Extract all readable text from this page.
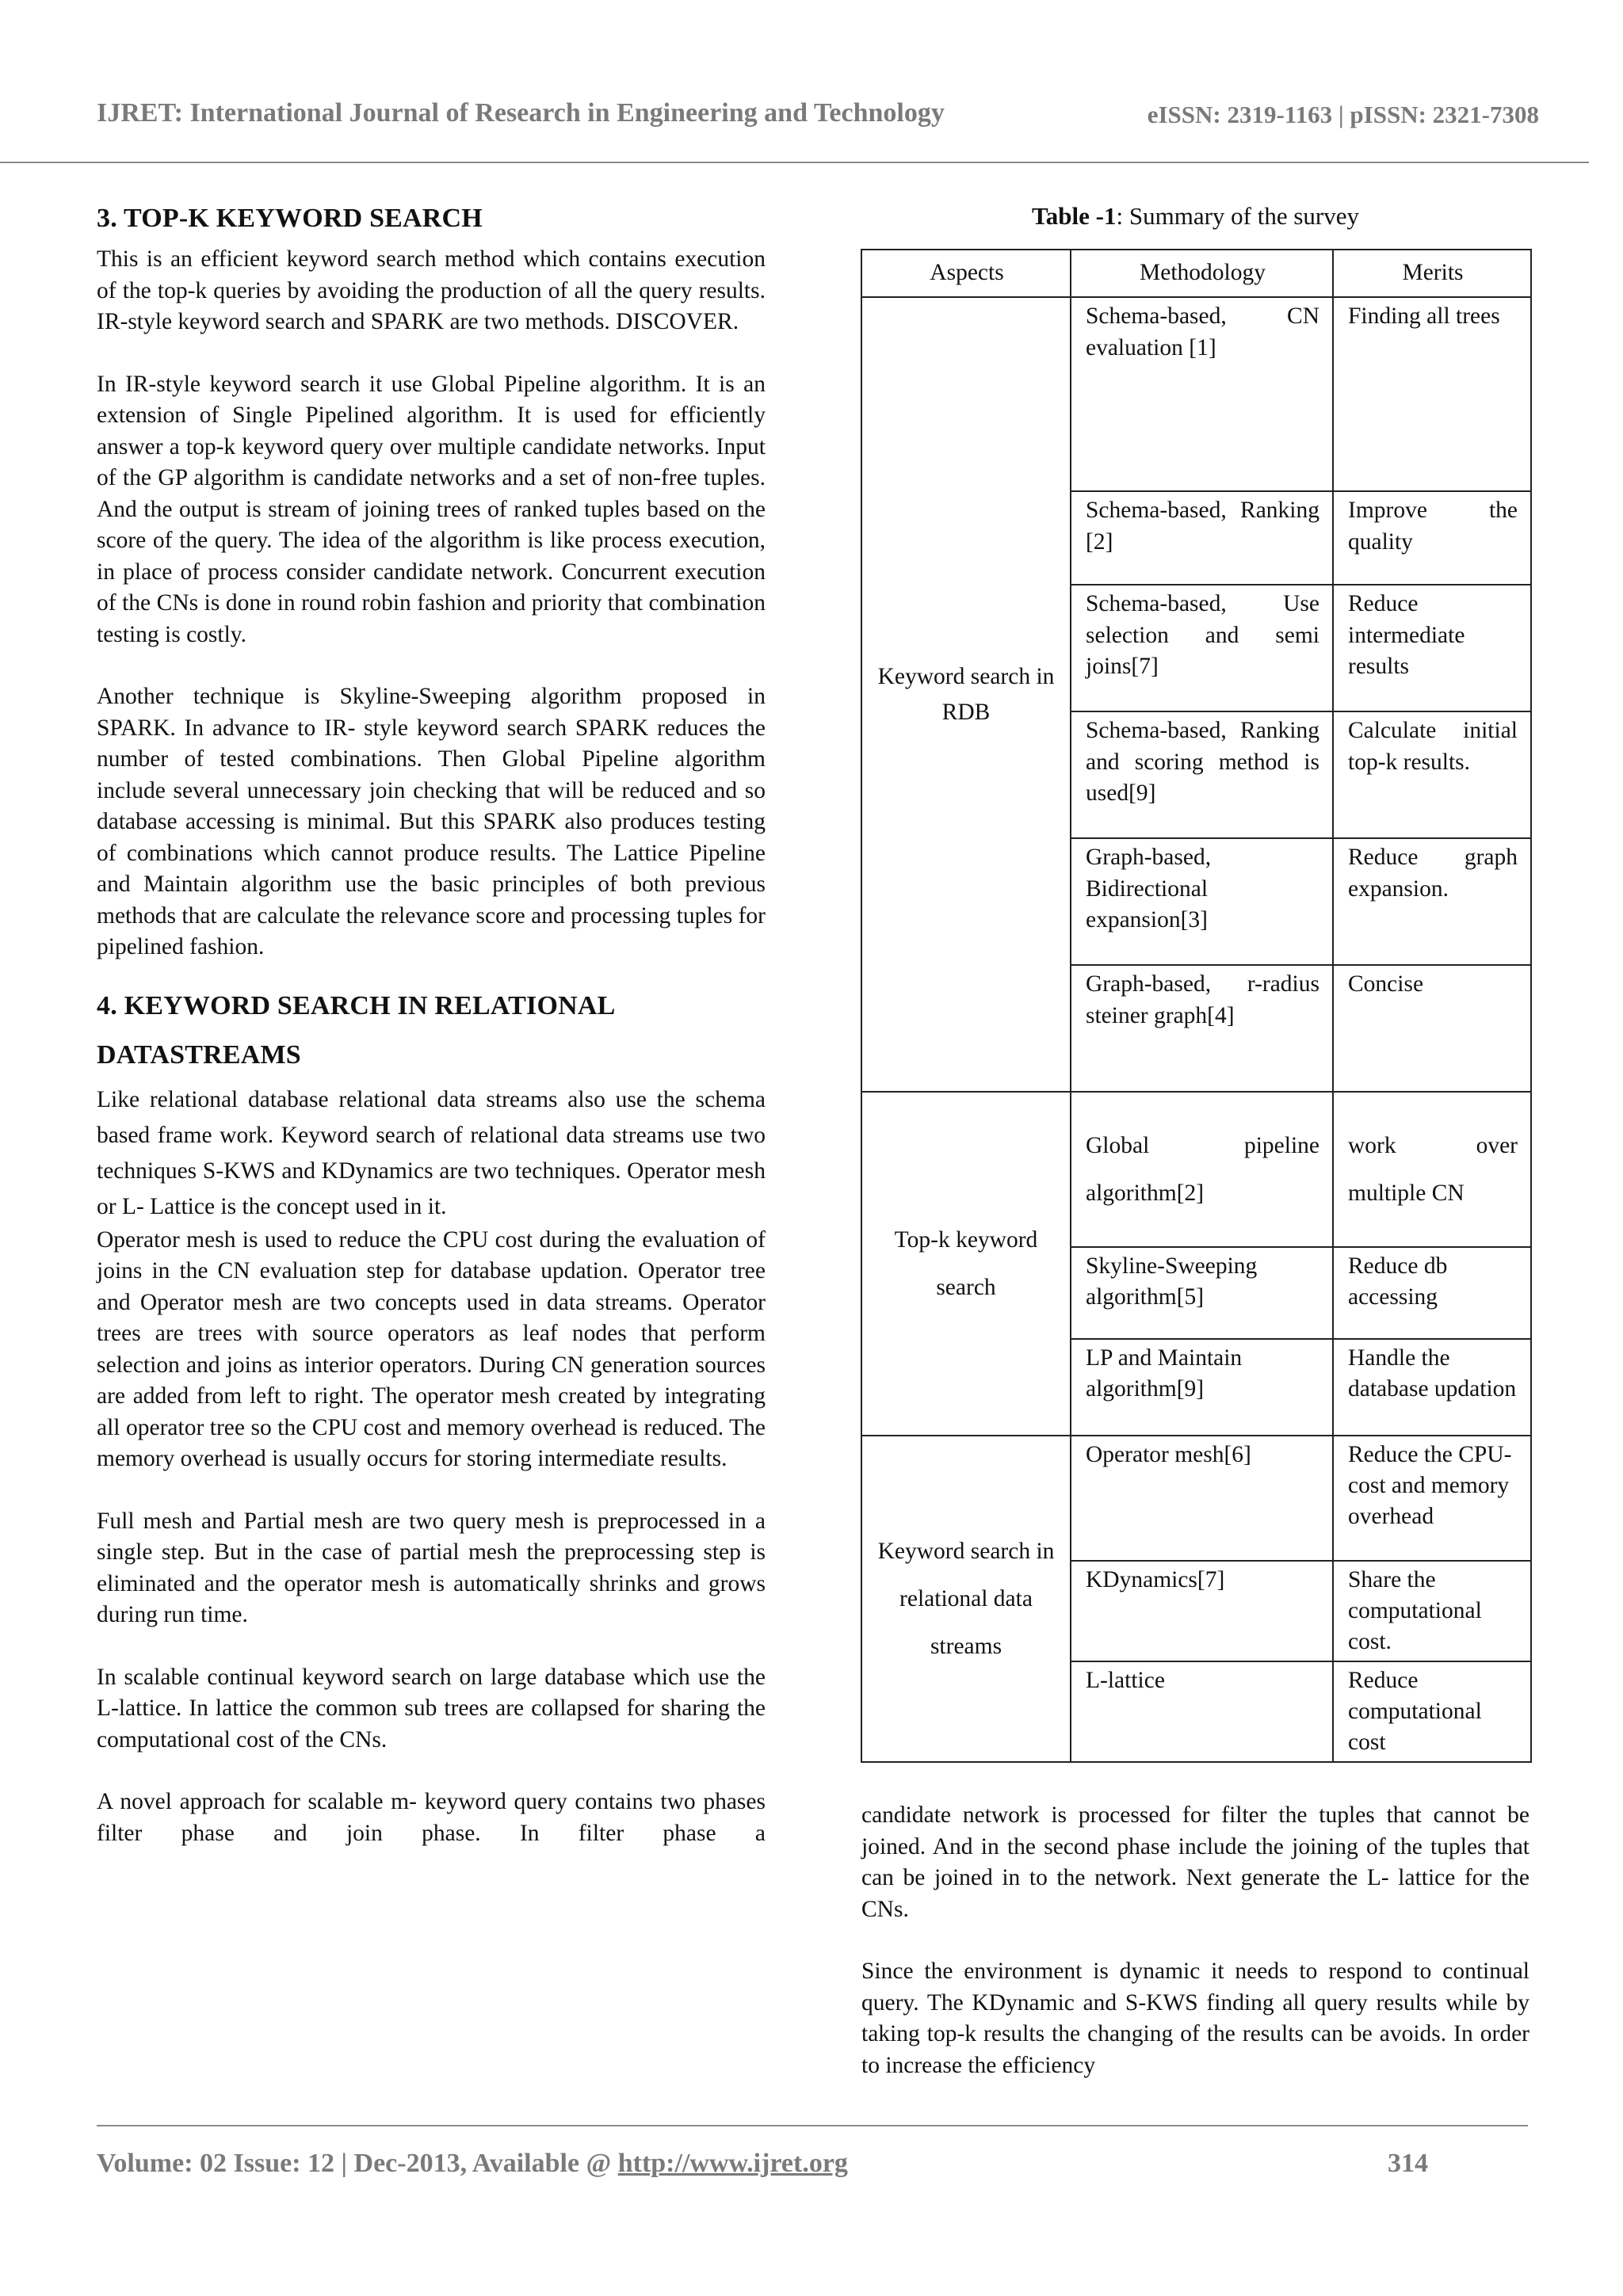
IJRET: International Journal of Research in Engineering and Technology	eISSN: 2319-1163 | pISSN: 2321-7308
3. TOP-K KEYWORD SEARCH

This is an efficient keyword search method which contains execution of the top-k queries by avoiding the production of all the query results. IR-style keyword search and SPARK are two methods. DISCOVER.

In IR-style keyword search it use Global Pipeline algorithm. It is an extension of Single Pipelined algorithm. It is used for efficiently answer a top-k keyword query over multiple candidate networks. Input of the GP algorithm is candidate networks and a set of non-free tuples. And the output is stream of joining trees of ranked tuples based on the score of the query. The idea of the algorithm is like process execution, in place of process consider candidate network. Concurrent execution of the CNs is done in round robin fashion and priority that combination testing is costly.

Another technique is Skyline-Sweeping algorithm proposed in SPARK. In advance to IR- style keyword search SPARK reduces the number of tested combinations. Then Global Pipeline algorithm include several unnecessary join checking that will be reduced and so database accessing is minimal. But this SPARK also produces testing of combinations which cannot produce results. The Lattice Pipeline and Maintain algorithm use the basic principles of both previous methods that are calculate the relevance score and processing tuples for pipelined fashion.

4. KEYWORD SEARCH IN RELATIONAL
DATASTREAMS

Like relational database relational data streams also use the schema based frame work. Keyword search of relational data streams use two techniques S-KWS and KDynamics are two techniques. Operator mesh or L- Lattice is the concept used in it.

Operator mesh is used to reduce the CPU cost during the evaluation of joins in the CN evaluation step for database updation. Operator tree and Operator mesh are two concepts used in data streams. Operator trees are trees with source operators as leaf nodes that perform selection and joins as interior operators. During CN generation sources are added from left to right. The operator mesh created by integrating all operator tree so the CPU cost and memory overhead is reduced. The memory overhead is usually occurs for storing intermediate results.

Full mesh and Partial mesh are two query mesh is preprocessed in a single step. But in the case of partial mesh the preprocessing step is eliminated and the operator mesh is automatically shrinks and grows during run time.

In scalable continual keyword search on large database which use the L-lattice. In lattice the common sub trees are collapsed for sharing the computational cost of the CNs.

A novel approach for scalable m- keyword query contains two phases filter phase and join phase. In filter phase a

Table -1: Summary of the survey
Aspects	Methodology	Merits
Keyword search in RDB	Schema-based, CN evaluation [1]	Finding all trees
	Schema-based, Ranking [2]	Improve the quality
	Schema-based, Use selection and semi joins[7]	Reduce intermediate results
	Schema-based, Ranking and scoring method is used[9]	Calculate initial top-k results.
	Graph-based, Bidirectional expansion[3]	Reduce graph expansion.
	Graph-based, r-radius steiner graph[4]	Concise
Top-k keyword search	Global pipeline algorithm[2]	work over multiple CN
	Skyline-Sweeping algorithm[5]	Reduce db accessing
	LP and Maintain algorithm[9]	Handle the database updation
Keyword search in relational data streams	Operator mesh[6]	Reduce the CPU-cost and memory overhead
	KDynamics[7]	Share the computational cost.
	L-lattice	Reduce computational cost

candidate network is processed for filter the tuples that cannot be joined. And in the second phase include the joining of the tuples that can be joined in to the network. Next generate the L- lattice for the CNs.

Since the environment is dynamic it needs to respond to continual query. The KDynamic and S-KWS finding all query results while by taking top-k results the changing of the results can be avoids. In order to increase the efficiency

Volume: 02 Issue: 12 | Dec-2013, Available @ http://www.ijret.org	314
